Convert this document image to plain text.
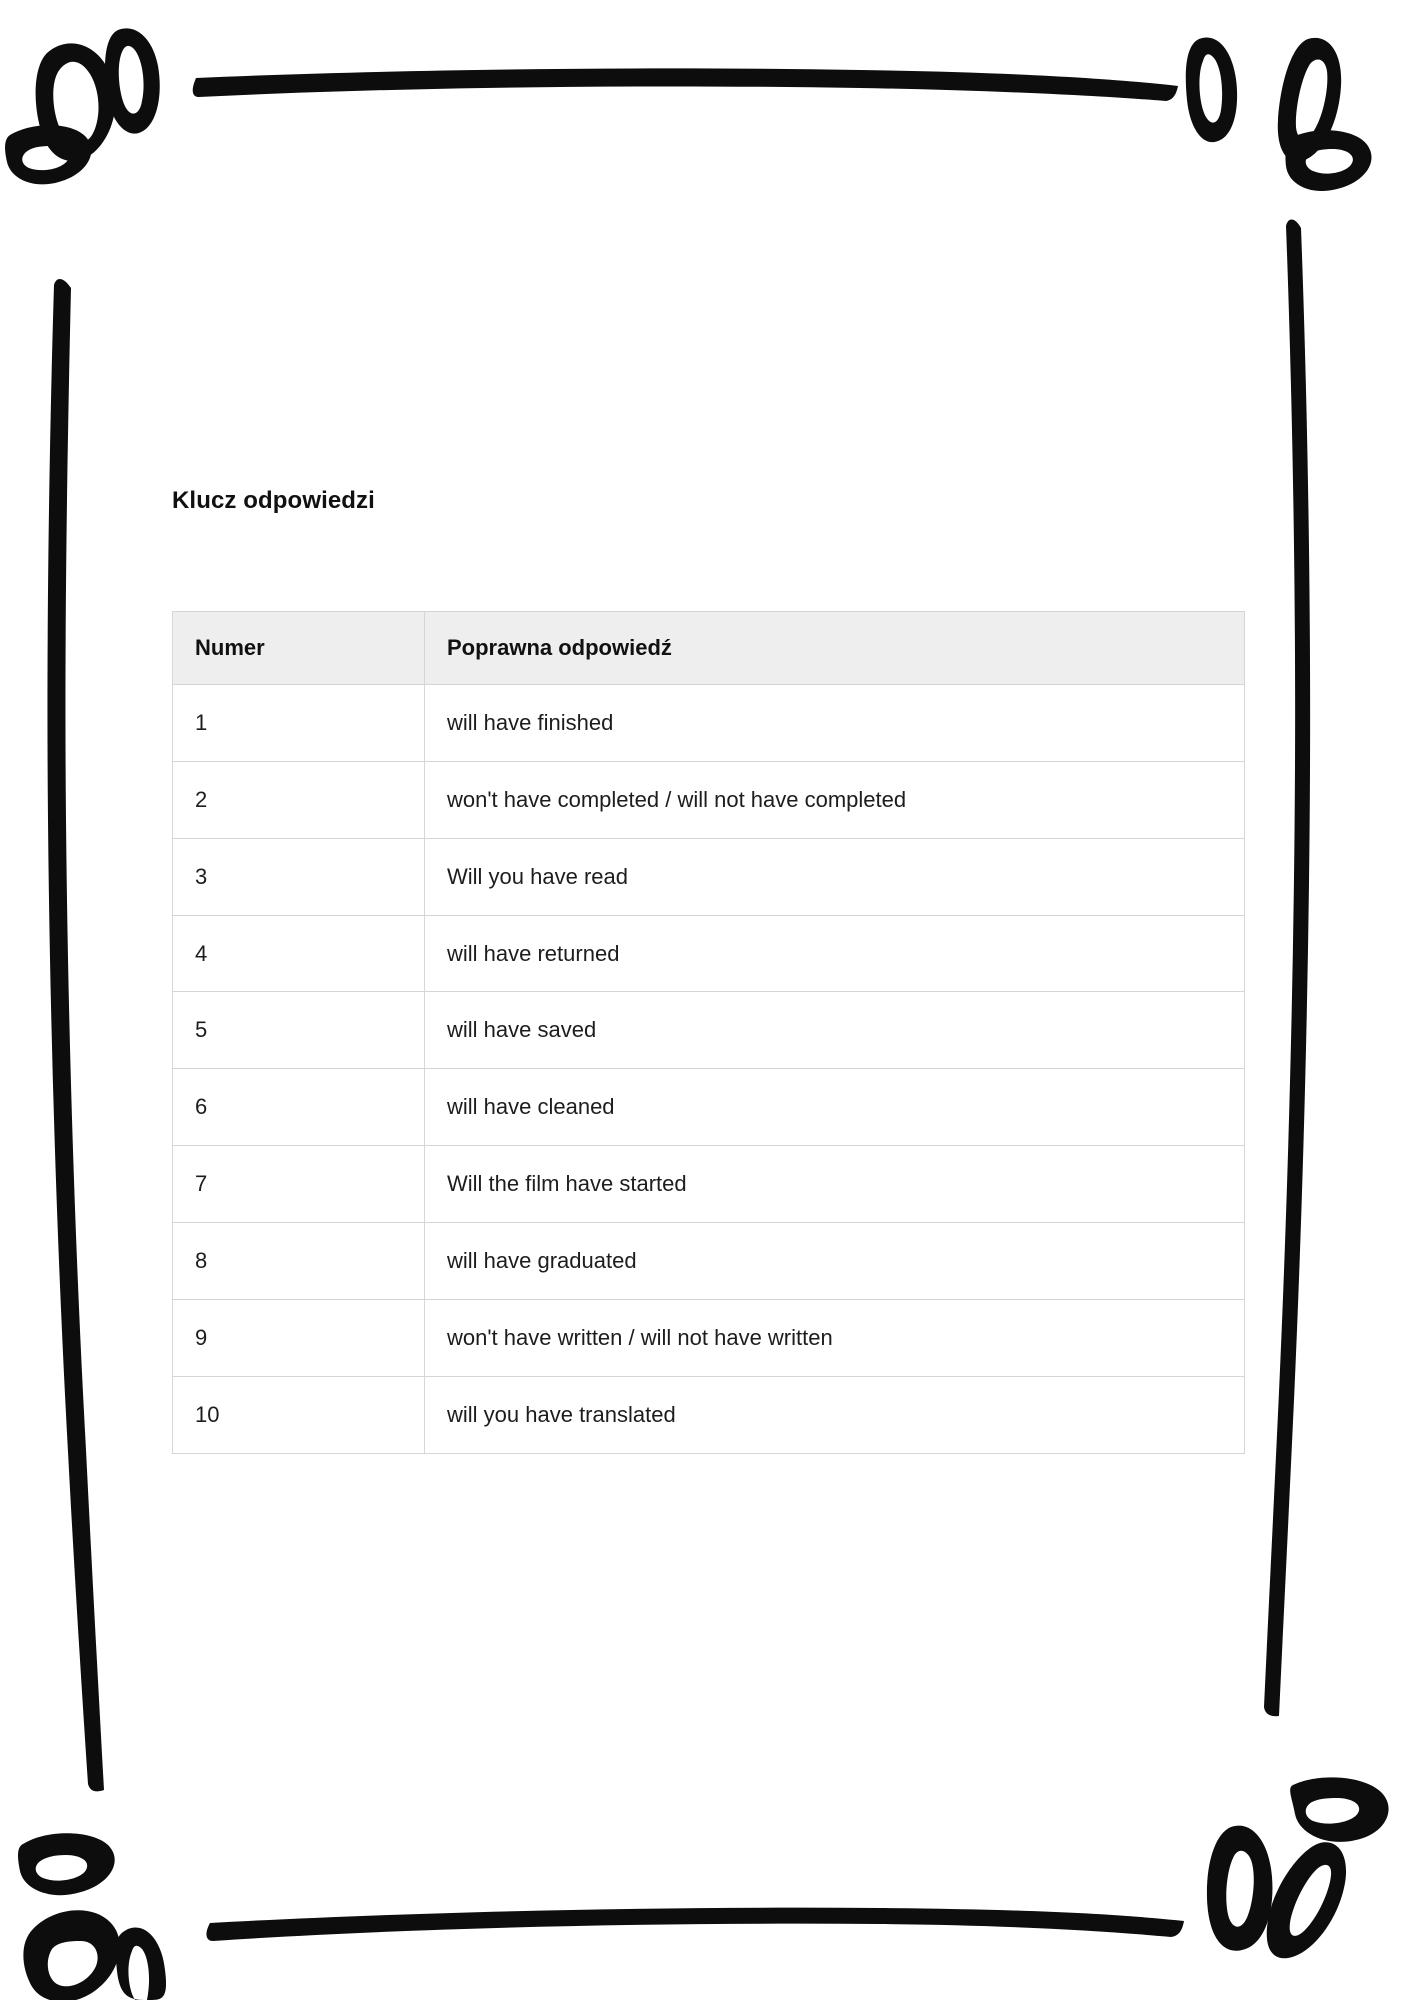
Klucz odpowiedzi
Numer	Poprawna odpowiedź
1	will have finished
2	won't have completed / will not have completed
3	Will you have read
4	will have returned
5	will have saved
6	will have cleaned
7	Will the film have started
8	will have graduated
9	won't have written / will not have written
10	will you have translated
